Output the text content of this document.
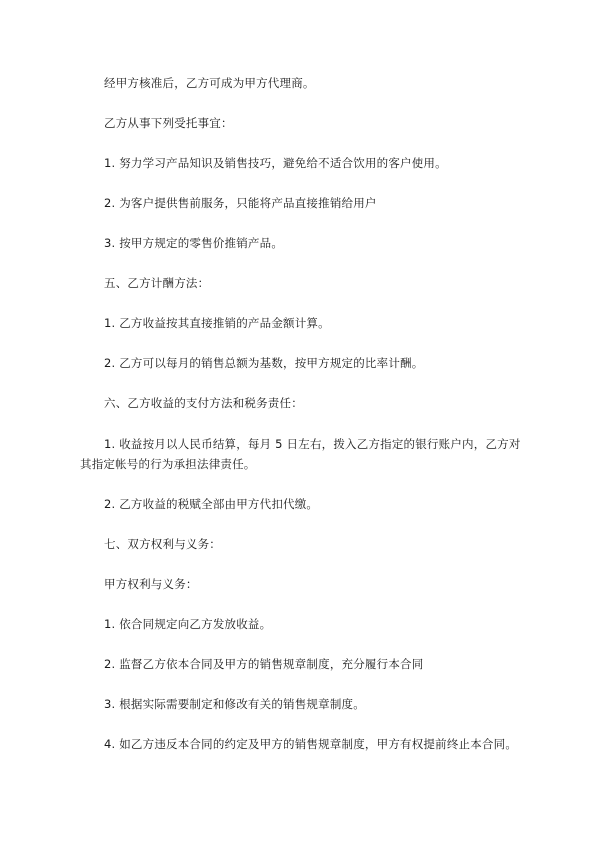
经甲方核准后，乙方可成为甲方代理商。
乙方从事下列受托事宜：
1. 努力学习产品知识及销售技巧，避免给不适合饮用的客户使用。
2. 为客户提供售前服务，只能将产品直接推销给用户
3. 按甲方规定的零售价推销产品。
五、乙方计酬方法：
1. 乙方收益按其直接推销的产品金额计算。
2. 乙方可以每月的销售总额为基数，按甲方规定的比率计酬。
六、乙方收益的支付方法和税务责任：
1. 收益按月以人民币结算，每月 5 日左右，拨入乙方指定的银行账户内，乙方对
其指定帐号的行为承担法律责任。
2. 乙方收益的税赋全部由甲方代扣代缴。
七、双方权利与义务：
甲方权利与义务：
1. 依合同规定向乙方发放收益。
2. 监督乙方依本合同及甲方的销售规章制度，充分履行本合同
3. 根据实际需要制定和修改有关的销售规章制度。
4. 如乙方违反本合同的约定及甲方的销售规章制度，甲方有权提前终止本合同。
